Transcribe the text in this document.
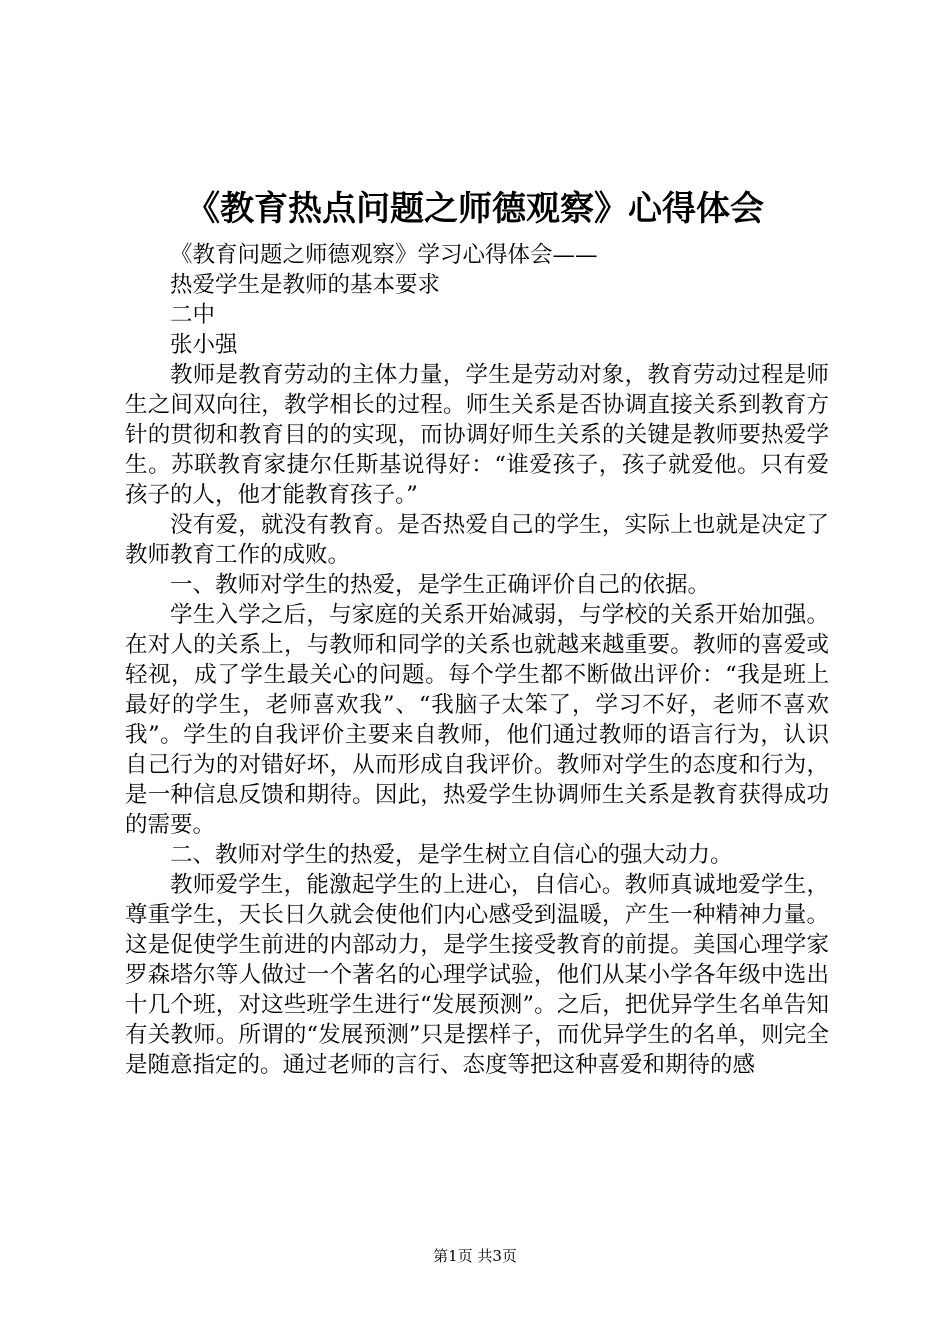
《教育热点问题之师德观察》心得体会

《教育问题之师德观察》学习心得体会——

热爱学生是教师的基本要求

二中

张小强

教师是教育劳动的主体力量，学生是劳动对象，教育劳动过程是师生之间双向往，教学相长的过程。师生关系是否协调直接关系到教育方针的贯彻和教育目的的实现，而协调好师生关系的关键是教师要热爱学生。苏联教育家捷尔任斯基说得好：“谁爱孩子，孩子就爱他。只有爱孩子的人，他才能教育孩子。”

没有爱，就没有教育。是否热爱自己的学生，实际上也就是决定了教师教育工作的成败。

一、教师对学生的热爱，是学生正确评价自己的依据。

学生入学之后，与家庭的关系开始减弱，与学校的关系开始加强。在对人的关系上，与教师和同学的关系也就越来越重要。教师的喜爱或轻视，成了学生最关心的问题。每个学生都不断做出评价：“我是班上最好的学生，老师喜欢我”、“我脑子太笨了，学习不好，老师不喜欢我”。学生的自我评价主要来自教师，他们通过教师的语言行为，认识自己行为的对错好坏，从而形成自我评价。教师对学生的态度和行为，是一种信息反馈和期待。因此，热爱学生协调师生关系是教育获得成功的需要。

二、教师对学生的热爱，是学生树立自信心的强大动力。

教师爱学生，能激起学生的上进心，自信心。教师真诚地爱学生，尊重学生，天长日久就会使他们内心感受到温暖，产生一种精神力量。这是促使学生前进的内部动力，是学生接受教育的前提。美国心理学家罗森塔尔等人做过一个著名的心理学试验，他们从某小学各年级中选出十几个班，对这些班学生进行“发展预测”。之后，把优异学生名单告知有关教师。所谓的“发展预测”只是摆样子，而优异学生的名单，则完全是随意指定的。通过老师的言行、态度等把这种喜爱和期待的感

第1页 共3页
